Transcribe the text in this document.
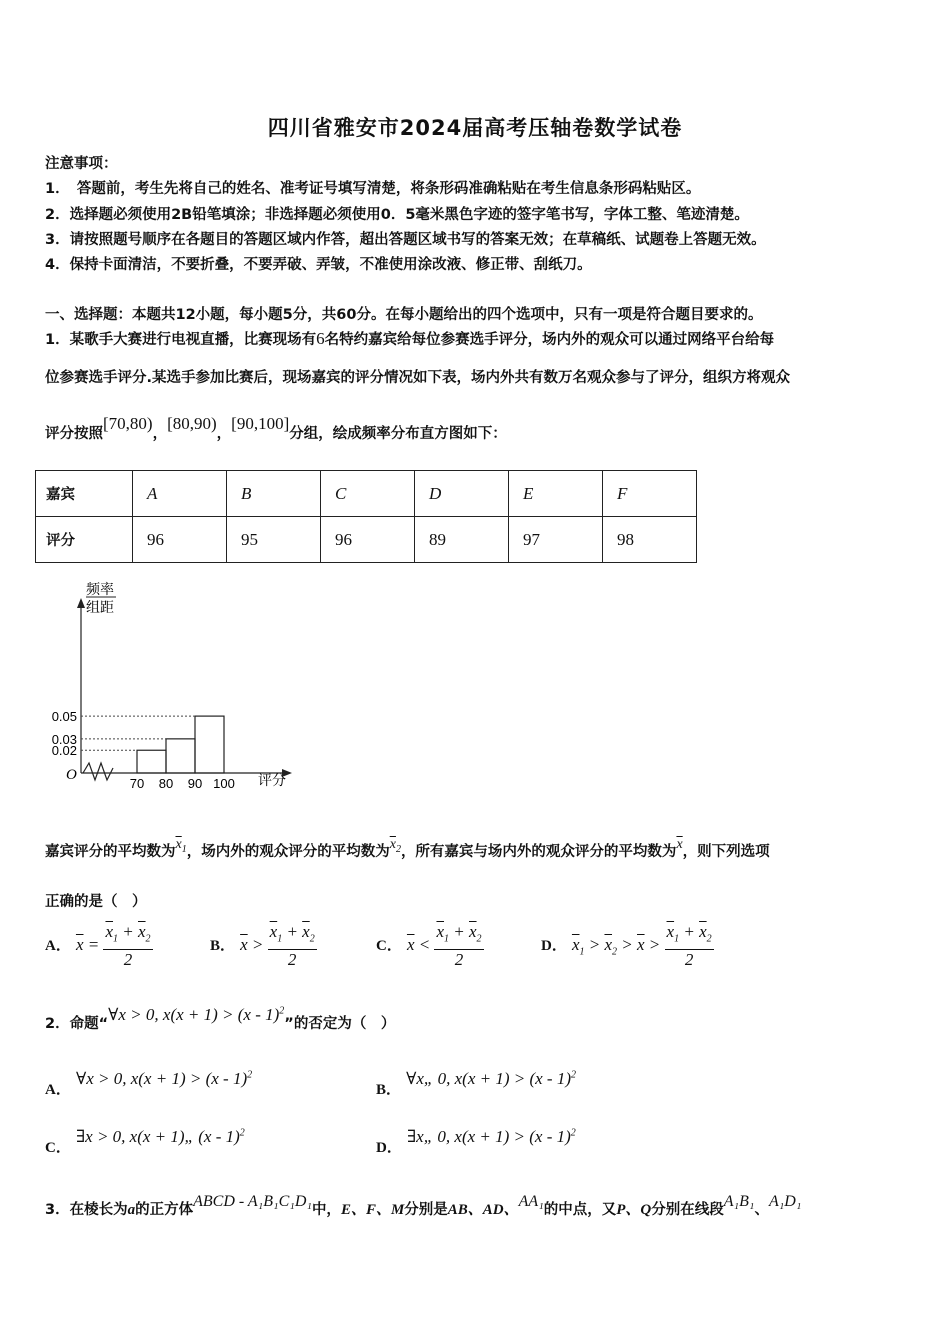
四川省雅安市2024届高考压轴卷数学试卷
注意事项：
1．　答题前，考生先将自己的姓名、准考证号填写清楚，将条形码准确粘贴在考生信息条形码粘贴区。
2．选择题必须使用2B铅笔填涂；非选择题必须使用0．5毫米黑色字迹的签字笔书写，字体工整、笔迹清楚。
3．请按照题号顺序在各题目的答题区域内作答，超出答题区域书写的答案无效；在草稿纸、试题卷上答题无效。
4．保持卡面清洁，不要折叠，不要弄破、弄皱，不准使用涂改液、修正带、刮纸刀。
一、选择题：本题共12小题，每小题5分，共60分。在每小题给出的四个选项中，只有一项是符合题目要求的。
1．某歌手大赛进行电视直播，比赛现场有6名特约嘉宾给每位参赛选手评分，场内外的观众可以通过网络平台给每
位参赛选手评分.某选手参加比赛后，现场嘉宾的评分情况如下表，场内外共有数万名观众参与了评分，组织方将观众
评分按照[70,80)，[80,90)，[90,100]分组，绘成频率分布直方图如下：
嘉宾	A	B	C	D	E	F
评分	96	95	96	89	97	98
频率
组距
O	评分
0.02
0.03
0.05
70 80 90 100
嘉宾评分的平均数为$\overline{x}_1$，场内外的观众评分的平均数为$\overline{x}_2$，所有嘉宾与场内外的观众评分的平均数为$\overline{x}$，则下列选项
正确的是（　）
A． $\overline{x} = \frac{\overline{x}_1 + \overline{x}_2}{2}$	B． $\overline{x} > \frac{\overline{x}_1 + \overline{x}_2}{2}$	C． $\overline{x} < \frac{\overline{x}_1 + \overline{x}_2}{2}$	D． $\overline{x}_1 > \overline{x}_2 > \overline{x} > \frac{\overline{x}_1 + \overline{x}_2}{2}$
2．命题“∀x > 0, x(x + 1) > (x - 1)$^2$”的否定为（　）
A． ∀x > 0, x(x + 1) > (x - 1)$^2$
B． ∀x„ 0, x(x + 1) > (x - 1)$^2$
C． ∃x > 0, x(x + 1)„ (x - 1)$^2$
D． ∃x„ 0, x(x + 1) > (x - 1)$^2$
3．在棱长为a的正方体ABCD - A₁B₁C₁D₁中，E、F、M分别是AB、AD、AA₁的中点，又P、Q分别在线段A₁B₁、A₁D₁
